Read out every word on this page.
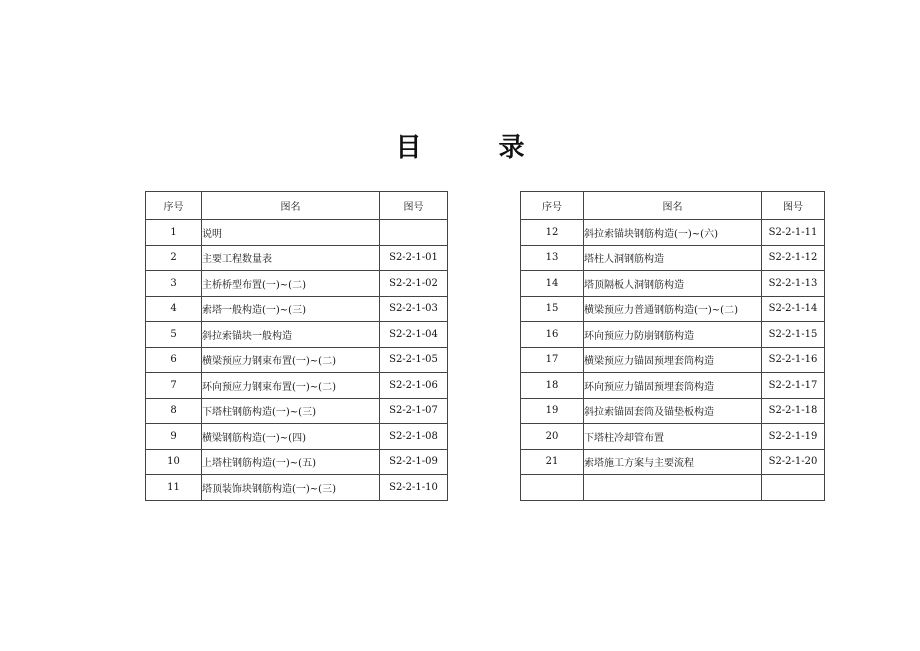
目 录
序号	图名	图号
1	说明	
2	主要工程数量表	S2-2-1-01
3	主桥桥型布置(一)~(二)	S2-2-1-02
4	索塔一般构造(一)~(三)	S2-2-1-03
5	斜拉索锚块一般构造	S2-2-1-04
6	横梁预应力钢束布置(一)~(二)	S2-2-1-05
7	环向预应力钢束布置(一)~(二)	S2-2-1-06
8	下塔柱钢筋构造(一)~(三)	S2-2-1-07
9	横梁钢筋构造(一)~(四)	S2-2-1-08
10	上塔柱钢筋构造(一)~(五)	S2-2-1-09
11	塔顶装饰块钢筋构造(一)~(三)	S2-2-1-10
序号	图名	图号
12	斜拉索锚块钢筋构造(一)~(六)	S2-2-1-11
13	塔柱人洞钢筋构造	S2-2-1-12
14	塔顶隔板人洞钢筋构造	S2-2-1-13
15	横梁预应力普通钢筋构造(一)~(二)	S2-2-1-14
16	环向预应力防崩钢筋构造	S2-2-1-15
17	横梁预应力锚固预埋套筒构造	S2-2-1-16
18	环向预应力锚固预埋套筒构造	S2-2-1-17
19	斜拉索锚固套筒及锚垫板构造	S2-2-1-18
20	下塔柱冷却管布置	S2-2-1-19
21	索塔施工方案与主要流程	S2-2-1-20
